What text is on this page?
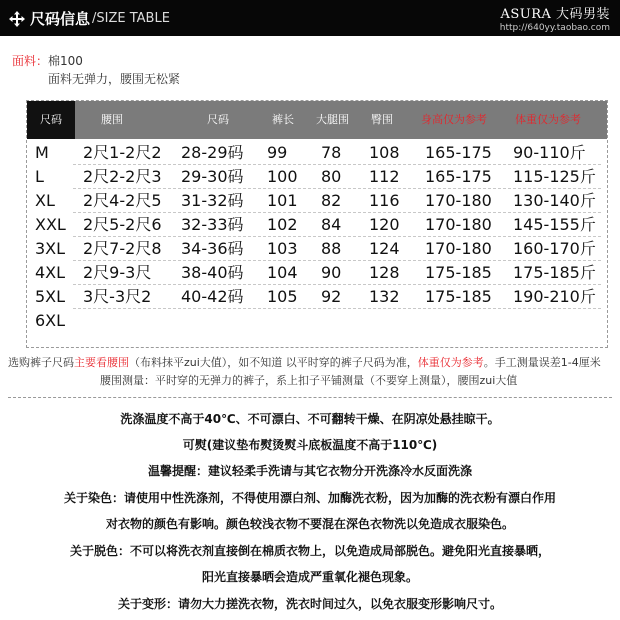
尺码信息 /SIZE TABLE	ASURA 大码男装
http://640yy.taobao.com
面料：棉100
面料无弹力，腰围无松紧
尺码	腰围	尺码	裤长 大腿围 臀围	身高仅为参考	体重仅为参考
M 2尺1-2尺2 28-29码 99 78 108 165-175 90-110斤
L 2尺2-2尺3 29-30码 100 80 112 165-175 115-125斤
XL 2尺4-2尺5 31-32码 101 82 116 170-180 130-140斤
XXL 2尺5-2尺6 32-33码 102 84 120 170-180 145-155斤
3XL 2尺7-2尺8 34-36码 103 88 124 170-180 160-170斤
4XL 2尺9-3尺 38-40码 104 90 128 175-185 175-185斤
5XL 3尺-3尺2 40-42码 105 92 132 175-185 190-210斤
6XL
选购裤子尺码主要看腰围（布料抹平zui大值），如不知道 以平时穿的裤子尺码为准，体重仅为参考。手工测量误差1-4厘米
腰围测量：平时穿的无弹力的裤子，系上扣子平铺测量（不要穿上测量），腰围zui大值
洗涤温度不高于40℃、不可漂白、不可翻转干燥、在阴凉处悬挂晾干。
可熨(建议垫布熨烫熨斗底板温度不高于110℃)
温馨提醒：建议轻柔手洗请与其它衣物分开洗涤冷水反面洗涤
关于染色：请使用中性洗涤剂，不得使用漂白剂、加酶洗衣粉，因为加酶的洗衣粉有漂白作用
对衣物的颜色有影响。颜色较浅衣物不要混在深色衣物洗以免造成衣服染色。
关于脱色：不可以将洗衣剂直接倒在棉质衣物上，以免造成局部脱色。避免阳光直接暴晒，
阳光直接暴晒会造成严重氧化褪色现象。
关于变形：请勿大力搓洗衣物，洗衣时间过久，以免衣服变形影响尺寸。
